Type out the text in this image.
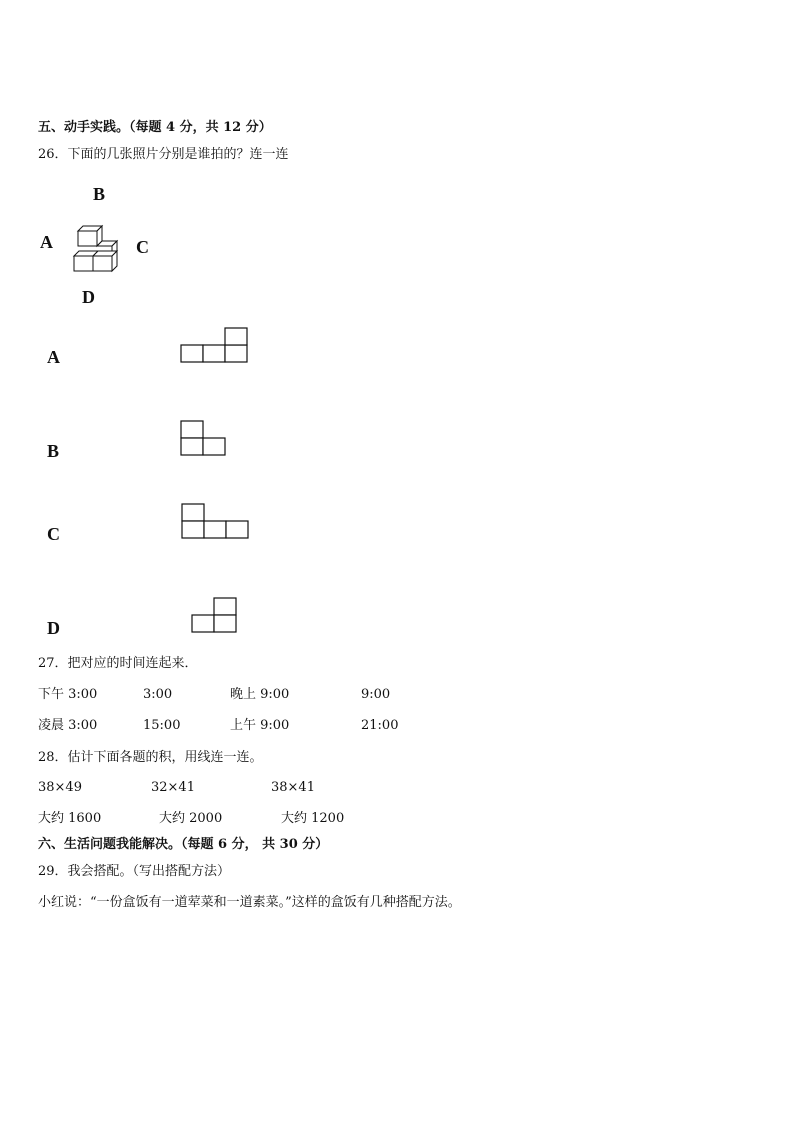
五、动手实践。（每题 4 分，共 12 分）
26．下面的几张照片分别是谁拍的？连一连
B
A	C
D
A
B
C
D
27．把对应的时间连起来．
下午 3:00	3:00	晚上 9:00	9:00
凌晨 3:00	15:00	上午 9:00	21:00
28．估计下面各题的积，用线连一连。
38×49	32×41	38×41
大约 1600	大约 2000	大约 1200
六、生活问题我能解决。（每题 6 分， 共 30 分）
29．我会搭配。（写出搭配方法）
小红说：“一份盒饭有一道荤菜和一道素菜。”这样的盒饭有几种搭配方法。
